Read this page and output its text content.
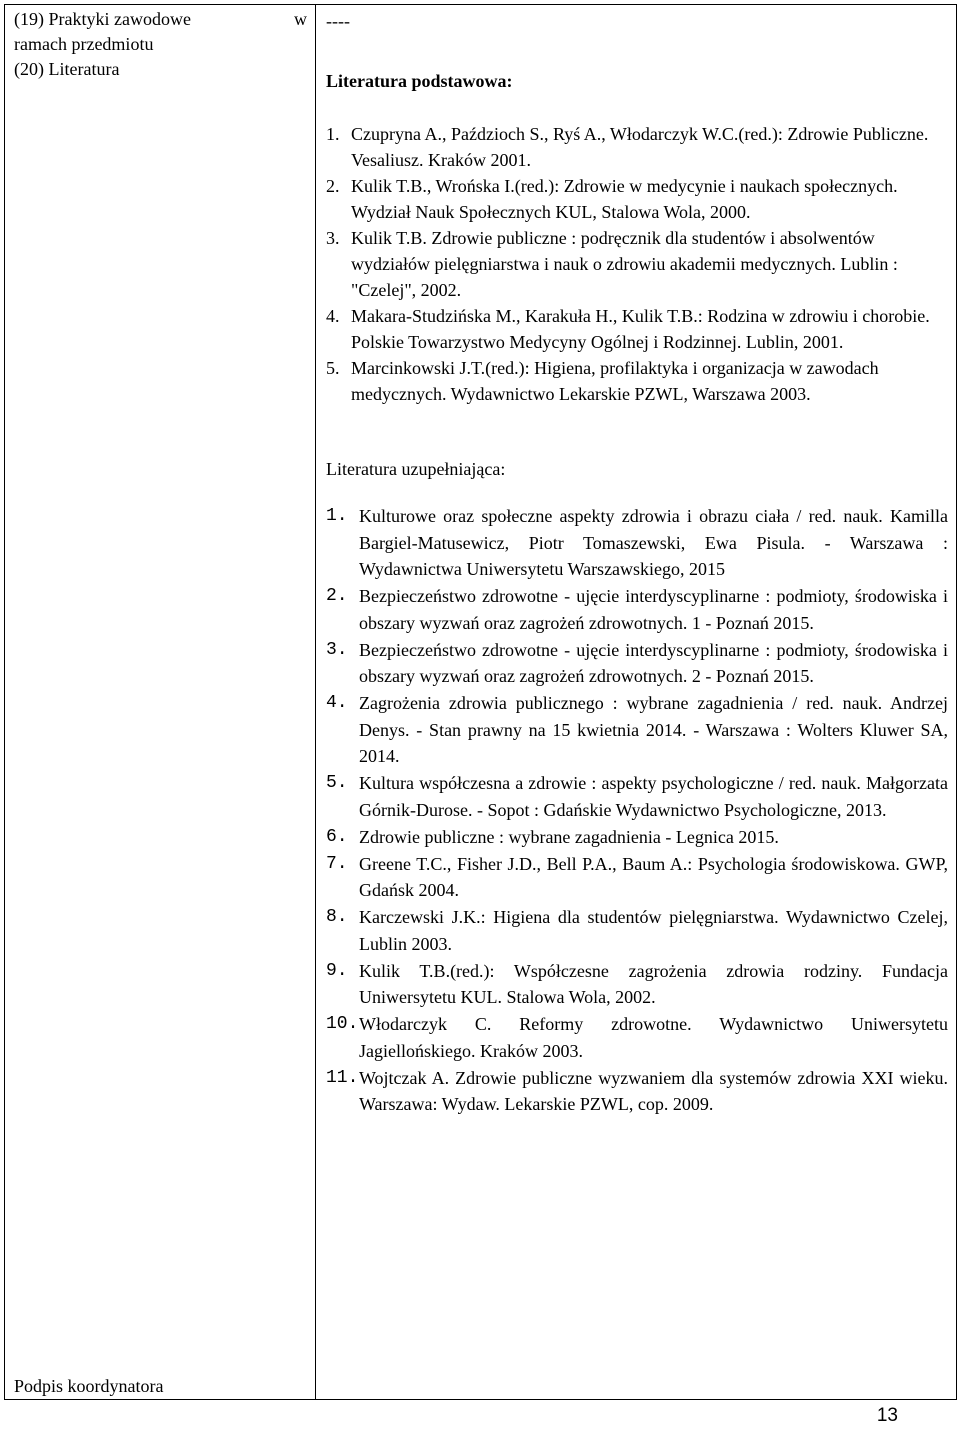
(19) Praktyki zawodowe	w
ramach przedmiotu
(20) Literatura
Podpis koordynatora

----
Literatura podstawowa:
1. Czupryna A., Paździoch S., Ryś A., Włodarczyk W.C.(red.): Zdrowie Publiczne. Vesaliusz. Kraków 2001.
2. Kulik T.B., Wrońska I.(red.): Zdrowie w medycynie i naukach społecznych. Wydział Nauk Społecznych KUL, Stalowa Wola, 2000.
3. Kulik T.B. Zdrowie publiczne : podręcznik dla studentów i absolwentów wydziałów pielęgniarstwa i nauk o zdrowiu akademii medycznych. Lublin : "Czelej", 2002.
4. Makara-Studzińska M., Karakuła H., Kulik T.B.: Rodzina w zdrowiu i chorobie. Polskie Towarzystwo Medycyny Ogólnej i Rodzinnej. Lublin, 2001.
5. Marcinkowski J.T.(red.): Higiena, profilaktyka i organizacja w zawodach medycznych. Wydawnictwo Lekarskie PZWL, Warszawa 2003.
Literatura uzupełniająca:
1. Kulturowe oraz społeczne aspekty zdrowia i obrazu ciała / red. nauk. Kamilla Bargiel-Matusewicz, Piotr Tomaszewski, Ewa Pisula. - Warszawa : Wydawnictwa Uniwersytetu Warszawskiego, 2015
2. Bezpieczeństwo zdrowotne - ujęcie interdyscyplinarne : podmioty, środowiska i obszary wyzwań oraz zagrożeń zdrowotnych. 1 - Poznań 2015.
3. Bezpieczeństwo zdrowotne - ujęcie interdyscyplinarne : podmioty, środowiska i obszary wyzwań oraz zagrożeń zdrowotnych. 2 - Poznań 2015.
4. Zagrożenia zdrowia publicznego : wybrane zagadnienia / red. nauk. Andrzej Denys. - Stan prawny na 15 kwietnia 2014. - Warszawa : Wolters Kluwer SA, 2014.
5. Kultura współczesna a zdrowie : aspekty psychologiczne / red. nauk. Małgorzata Górnik-Durose. - Sopot : Gdańskie Wydawnictwo Psychologiczne, 2013.
6. Zdrowie publiczne : wybrane zagadnienia - Legnica 2015.
7. Greene T.C., Fisher J.D., Bell P.A., Baum A.: Psychologia środowiskowa. GWP, Gdańsk 2004.
8. Karczewski J.K.: Higiena dla studentów pielęgniarstwa. Wydawnictwo Czelej, Lublin 2003.
9. Kulik T.B.(red.): Współczesne zagrożenia zdrowia rodziny. Fundacja Uniwersytetu KUL. Stalowa Wola, 2002.
10. Włodarczyk C. Reformy zdrowotne. Wydawnictwo Uniwersytetu Jagiellońskiego. Kraków 2003.
11. Wojtczak A. Zdrowie publiczne wyzwaniem dla systemów zdrowia XXI wieku. Warszawa: Wydaw. Lekarskie PZWL, cop. 2009.
13
